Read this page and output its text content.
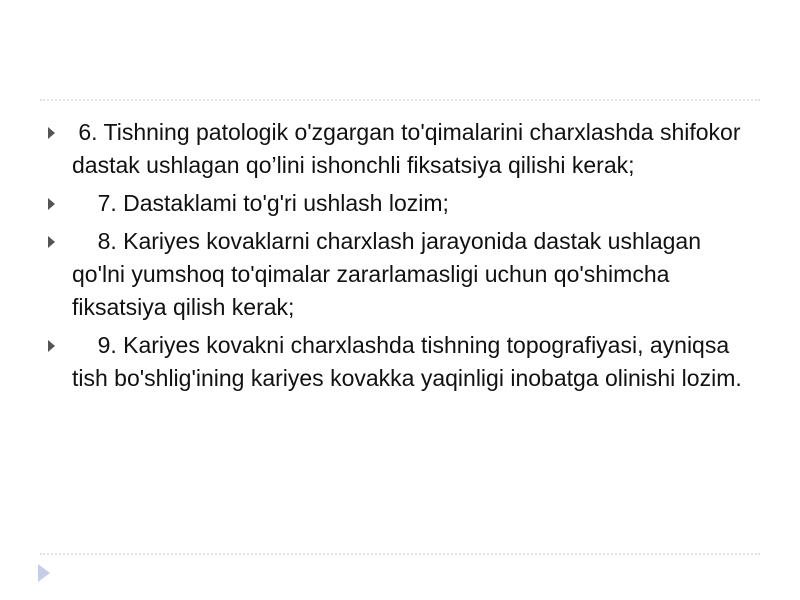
6. Tishning patologik o'zgargan to'qimalarini charxlashda shifokor dastak ushlagan qo’lini ishonchli fiksatsiya qilishi kerak;
7. Dastaklami to'g'ri ushlash lozim;
8. Kariyes kovaklarni charxlash jarayonida dastak ushlagan qo'lni yumshoq to'qimalar zararlamasligi uchun qo'shimcha fiksatsiya qilish kerak;
9. Kariyes kovakni charxlashda tishning topografiyasi, ayniqsa tish bo'shlig'ining kariyes kovakka yaqinligi inobatga olinishi lozim.
